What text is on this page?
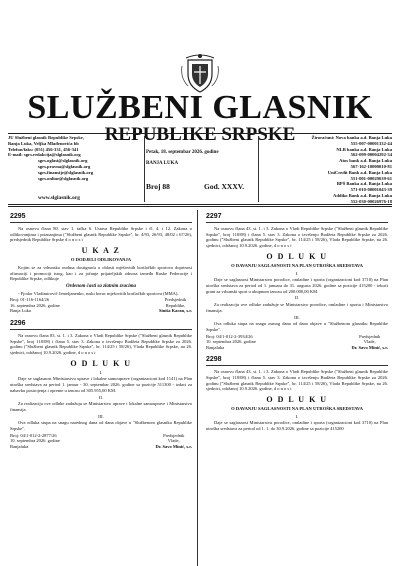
SLUŽBENI GLASNIK
REPUBLIKE SRPSKE
JU Službeni glasnik Republike Srpske,
Banja Luka, Veljka Mlađenovića bb
Telefon/faks: (051) 456-331, 456-341
E-mail: sgrs.redakcija@slglasnik.org
sgrs.oglasi@slglasnik.org
sgrs.pravna@slglasnik.org
sgrs.finansije@slglasnik.org
sgrs.online@slglasnik.org
www.slglasnik.org
Petak, 18. septembar 2026. godine
BANJA LUKA
Broj 88	God. XXXV.
Žiroračuni: Nova banka a.d. Banja Luka
555-007-00001332-44
NLB banka a.d. Banja Luka
562-099-00004292-34
Atos bank a.d. Banja Luka
567-162-10000010-81
UniCredit Bank a.d. Banja Luka
551-001-00029639-61
BPŠ Banka a.d. Banja Luka
571-010-00001043-39
Addiko Bank a.d. Banja Luka
552-030-00026976-18
2295
Na osnovu člana 80. stav 1. tačka 6. Ustava Republike Srpske i čl. 4. i 12. Zakona o odlikovanjima i priznanjima ("Službeni glasnik Republike Srpske", br. 4/93, 26/93, 48/02 i 67/26), predsjednik Republike Srpske d o n o s i
U K A Z
O DODJELI ODLIKOVANJA
Kojim se za vrhunska osobna dostignuća u oblasti mješovitih borilačkih sportova doprinosi afirmaciji i promociji istog, kao i za jačanje prijateljskih odnosa između Ruske Federacije i Republike Srpske, odlikuje
Ordenom časti sa zlatnim zracima
- Fjodor Vladimirovič Jemeljanenko, ruski borac mješovitih borilačkih sportova (MMA).
Broj: 01-116-1164/26
16. septembra 2026. godine
Banja Luka
Predsjednik
Republike,
Siniša Karan, s.r.
2296
Na osnovu člana 83. st. 1. i 3. Zakona o Vladi Republike Srpske ("Službeni glasnik Republike Srpske", broj 118/08) i člana 5. stav 3. Zakona o izvršenju Budžeta Republike Srpske za 2026. godinu ("Službeni glasnik Republike Srpske", br. 114/25 i 58/26), Vlada Republike Srpske, na 26. sjednici, održanoj 10.9.2026. godine, d o n o s i
O D L U K U
I.
Daje se saglasnost Ministarstvu uprave i lokalne samouprave (organizacioni kod 1141) na Plan utroška sredstava za period 1. januar - 30. septembar 2026. godine sa pozicije 511300 - izdaci za nabavku postrojenja i opreme u iznosu od 305.955,00 KM.
II.
Za realizaciju ove odluke zadužuju se Ministarstvo uprave i lokalne samouprave i Ministarstvo finansija.
III.
Ova odluka stupa na snagu narednog dana od dana objave u "Službenom glasniku Republike Srpske".
Broj: 04/1-012-2-2877/26
10. septembra 2026. godine
Banjaluka
Predsjednik
Vlade,
Dr. Savo Minić, s.r.
2297
Na osnovu člana 43. st. 1. i 3. Zakona o Vladi Republike Srpske ("Službeni glasnik Republike Srpske", broj 118/08) i člana 5. stav 3. Zakona o izvršenju Budžeta Republike Srpske za 2026. godinu ("Službeni glasnik Republike Srpske", br. 114/25 i 58/26), Vlada Republike Srpske, na 26. sjednici, održanoj 10.9.2026. godine, d o n o s i
O D L U K U
O DAVANJU SAGLASNOSTI NA PLAN UTROŠKA SREDSTAVA
I.
Daje se saglasnost Ministarstvu porodice, omladine i sporta (organizacioni kod 3710) na Plan utroška sredstava za period od 1. januara do 31. augusta 2026. godine sa pozicije 415200 - tekući grant za vrhunski sport u ukupnom iznosu od 200.000,00 KM.
II.
Za realizaciju ove odluke zadužuje se Ministarstvo porodice, omladine i sporta i Ministarstvo finansija.
III.
Ova odluka stupa na snagu osmog dana od dana objave u "Službenom glasniku Republike Srpske".
Broj: 04/1-012-2-3934/26
10. septembra 2026. godine
Banjaluka
Predsjednik
Vlade,
Dr. Savo Minić, s.r.
2298
Na osnovu člana 43. st. 1. i 3. Zakona o Vladi Republike Srpske ("Službeni glasnik Republike Srpske", broj 118/08) i člana 5. stav 3. Zakona o izvršenju Budžeta Republike Srpske za 2026. godinu ("Službeni glasnik Republike Srpske", br. 114/25 i 58/26), Vlada Republike Srpske, na 26. sjednici, održanoj 10.9.2026. godine, d o n o s i
O D L U K U
O DAVANJU SAGLASNOSTI NA PLAN UTROŠKA SREDSTAVA
I.
Daje se saglasnost Ministarstvu porodice, omladine i sporta (organizacioni kod 3710) na Plan utroška sredstava za period od 1. 1. do 30.9.2026. godine sa pozicije 415200
